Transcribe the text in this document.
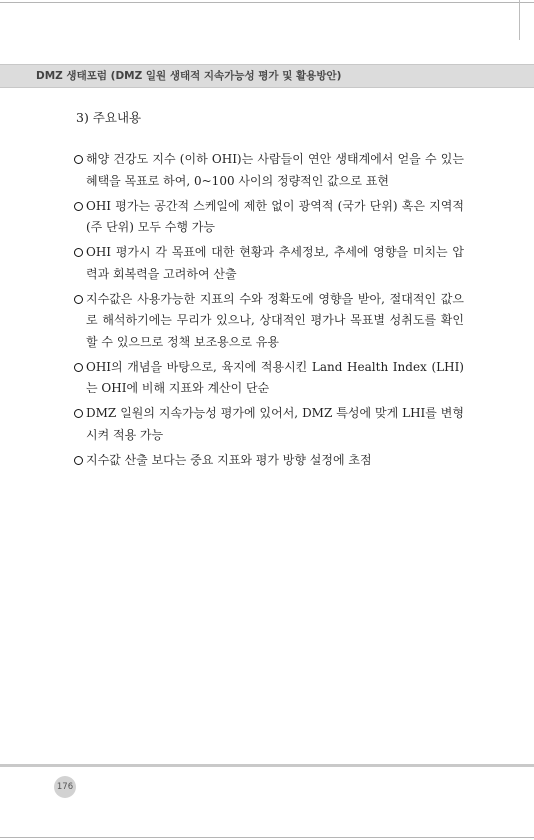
DMZ 생태포럼 (DMZ 일원 생태적 지속가능성 평가 및 활용방안)
3) 주요내용
해양 건강도 지수 (이하 OHI)는 사람들이 연안 생태계에서 얻을 수 있는 혜택을 목표로 하여, 0~100 사이의 정량적인 값으로 표현
OHI 평가는 공간적 스케일에 제한 없이 광역적 (국가 단위) 혹은 지역적 (주 단위) 모두 수행 가능
OHI 평가시 각 목표에 대한 현황과 추세정보, 추세에 영향을 미치는 압력과 회복력을 고려하여 산출
지수값은 사용가능한 지표의 수와 정확도에 영향을 받아, 절대적인 값으로 해석하기에는 무리가 있으나, 상대적인 평가나 목표별 성취도를 확인할 수 있으므로 정책 보조용으로 유용
OHI의 개념을 바탕으로, 육지에 적용시킨 Land Health Index (LHI)는 OHI에 비해 지표와 계산이 단순
DMZ 일원의 지속가능성 평가에 있어서, DMZ 특성에 맞게 LHI를 변형시켜 적용 가능
지수값 산출 보다는 중요 지표와 평가 방향 설정에 초점
176
